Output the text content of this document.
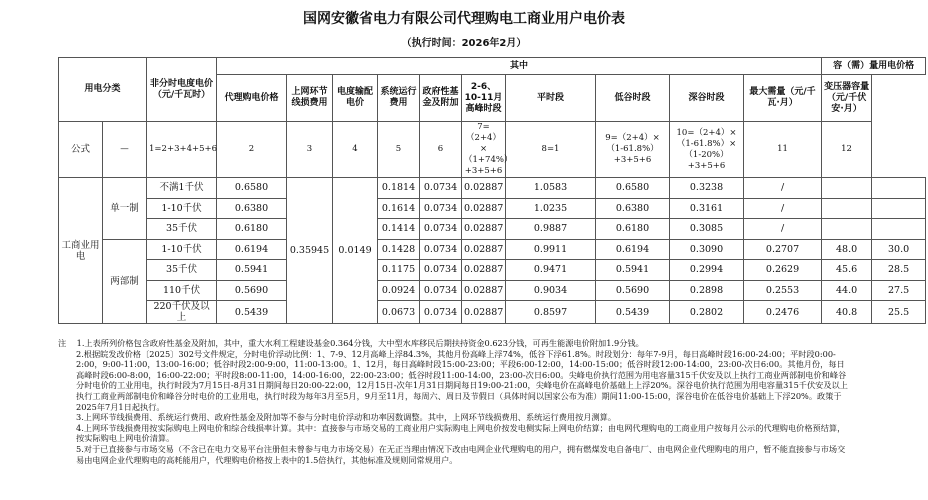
国网安徽省电力有限公司代理购电工商业用户电价表
（执行时间：2026年2月）
用电分类		非分时电度电价（元/千瓦时）	其中										容（需）量用电价格	
			代理购电价格	上网环节线损费用	电度输配电价	系统运行费用	政府性基金及附加	2-6、10-11月高峰时段	平时段	低谷时段	深谷时段	最大需量（元/千瓦·月）	变压器容量（元/千伏安·月）	
公式	—	1=2+3+4+5+6	2	3	4	5	6	7=（2+4）×（1+74%）+3+5+6	8=1	9=（2+4）×（1-61.8%）+3+5+6	10=（2+4）×（1-61.8%）×（1-20%）+3+5+6	11	12	
工商业用电	单一制	不满1千伏	0.6580	0.35945	0.0149	0.1814	0.0734	0.02887	1.0583	0.6580	0.3238	/		
		1-10千伏	0.6380			0.1614	0.0734	0.02887	1.0235	0.6380	0.3161	/		
		35千伏	0.6180			0.1414	0.0734	0.02887	0.9887	0.6180	0.3085	/		
	两部制	1-10千伏	0.6194			0.1428	0.0734	0.02887	0.9911	0.6194	0.3090	0.2707	48.0	30.0
		35千伏	0.5941			0.1175	0.0734	0.02887	0.9471	0.5941	0.2994	0.2629	45.6	28.5
		110千伏	0.5690			0.0924	0.0734	0.02887	0.9034	0.5690	0.2898	0.2553	44.0	27.5
		220千伏及以上	0.5439			0.0673	0.0734	0.02887	0.8597	0.5439	0.2802	0.2476	40.8	25.5

注 1.上表所列价格包含政府性基金及附加，其中，重大水利工程建设基金0.364分钱，大中型水库移民后期扶持资金0.623分钱，可再生能源电价附加1.9分钱。

2.根据皖发改价格〔2025〕302号文件规定，分时电价浮动比例：1、7-9、12月高峰上浮84.3%，其他月份高峰上浮74%，低谷下浮61.8%。时段划分：每年7-9月，每日高峰时段16:00-24:00；平时段0:00-2:00，9:00-11:00，13:00-16:00；低谷时段2:00-9:00，11:00-13:00。1、12月，每日高峰时段15:00-23:00；平段6:00-12:00，14:00-15:00；低谷时段12:00-14:00，23:00-次日6:00。其他月份，每日高峰时段6:00-8:00，16:00-22:00；平时段8:00-11:00，14:00-16:00，22:00-23:00；低谷时段11:00-14:00，23:00-次日6:00。尖峰电价执行范围为用电容量315千伏安及以上执行工商业两部制电价和峰谷分时电价的工业用电，执行时段为7月15日-8月31日期间每日20:00-22:00，12月15日-次年1月31日期间每日19:00-21:00，尖峰电价在高峰电价基础上上浮20%。深谷电价执行范围为用电容量315千伏安及以上执行工商业两部制电价和峰谷分时电价的工业用电，执行时段为每年3月至5月，9月至11月，每周六、周日及节假日（具体时间以国家公布为准）期间11:00-15:00，深谷电价在低谷电价基础上下浮20%。政策于2025年7月1日起执行。

3.上网环节线损费用、系统运行费用、政府性基金及附加等不参与分时电价浮动和功率因数调整。其中，上网环节线损费用、系统运行费用按月测算。

4.上网环节线损费用按实际购电上网电价和综合线损率计算。其中：直接参与市场交易的工商业用户实际购电上网电价按发电侧实际上网电价结算；由电网代理购电的工商业用户按每月公示的代理购电价格预结算，按实际购电上网电价清算。

5.对于已直接参与市场交易（不含已在电力交易平台注册但未曾参与电力市场交易）在无正当理由情况下改由电网企业代理购电的用户，拥有燃煤发电自备电厂、由电网企业代理购电的用户，暂不能直接参与市场交易由电网企业代理购电的高耗能用户，代理购电价格按上表中的1.5倍执行，其他标准及规则同常规用户。
